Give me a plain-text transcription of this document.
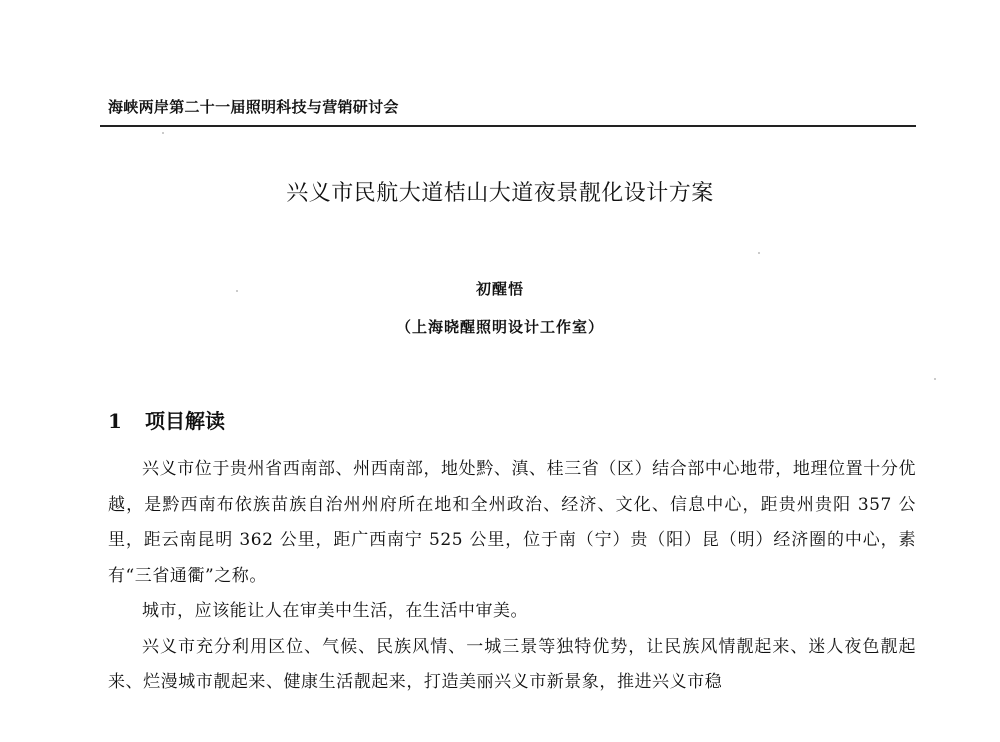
海峡两岸第二十一届照明科技与营销研讨会
兴义市民航大道桔山大道夜景靓化设计方案
初醒悟
（上海晓醒照明设计工作室）
1 项目解读

兴义市位于贵州省西南部、州西南部，地处黔、滇、桂三省（区）结合部中心地带，地理位置十分优越，是黔西南布依族苗族自治州州府所在地和全州政治、经济、文化、信息中心，距贵州贵阳 357 公里，距云南昆明 362 公里，距广西南宁 525 公里，位于南（宁）贵（阳）昆（明）经济圈的中心，素有“三省通衢”之称。

城市，应该能让人在审美中生活，在生活中审美。

兴义市充分利用区位、气候、民族风情、一城三景等独特优势，让民族风情靓起来、迷人夜色靓起来、烂漫城市靓起来、健康生活靓起来，打造美丽兴义市新景象，推进兴义市稳
